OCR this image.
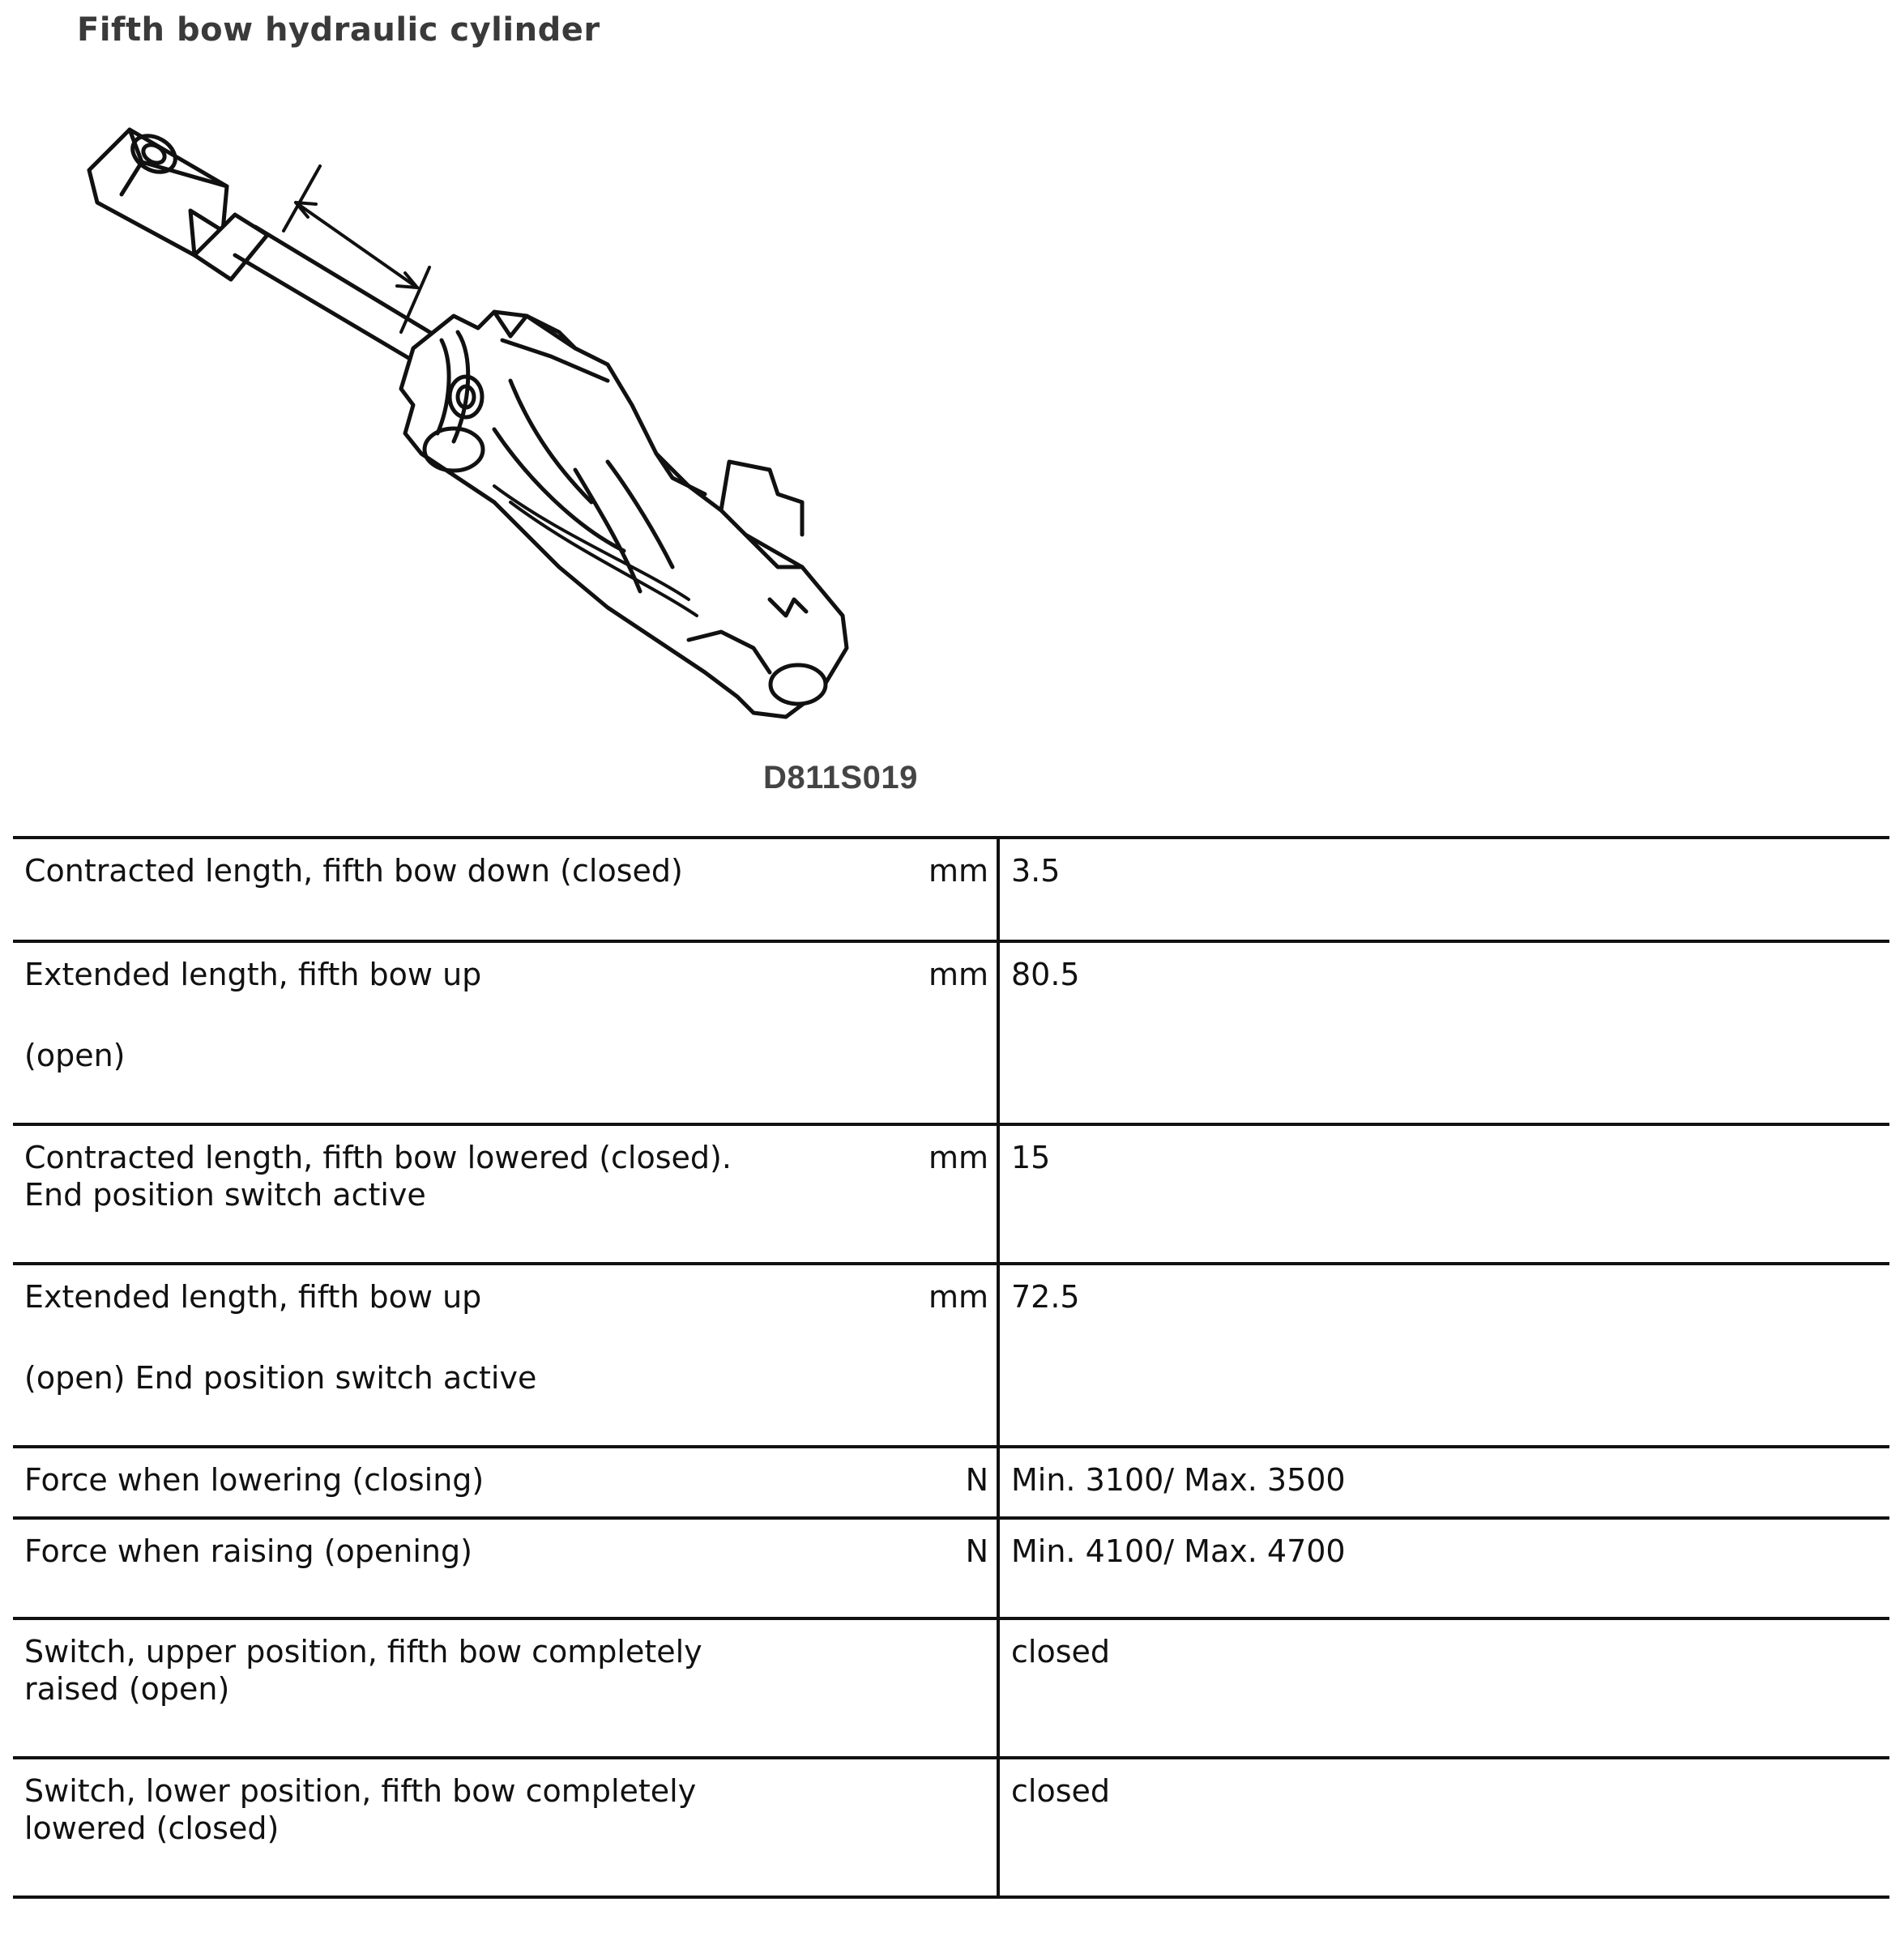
Fifth bow hydraulic cylinder
D811S019
Contracted length, fifth bow down (closed)	mm	3.5

Extended length, fifth bow up
(open)	mm	80.5

Contracted length, fifth bow lowered (closed).
End position switch active	mm	15

Extended length, fifth bow up
(open) End position switch active	mm	72.5

Force when lowering (closing)	N	Min. 3100/ Max. 3500

Force when raising (opening)	N	Min. 4100/ Max. 4700

Switch, upper position, fifth bow completely
raised (open)		closed

Switch, lower position, fifth bow completely
lowered (closed)		closed
